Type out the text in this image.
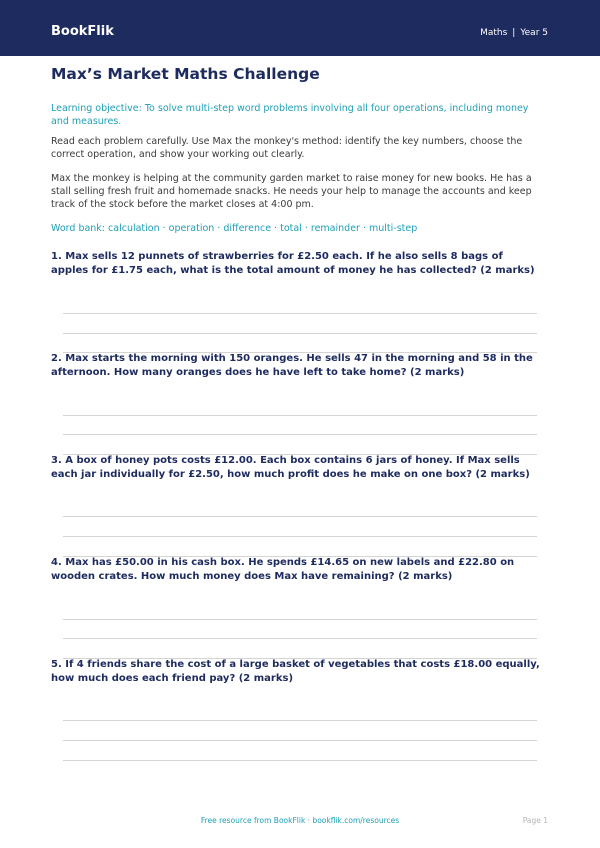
BookFlik	Maths | Year 5
Max’s Market Maths Challenge

Learning objective: To solve multi-step word problems involving all four operations, including money and measures.

Read each problem carefully. Use Max the monkey's method: identify the key numbers, choose the correct operation, and show your working out clearly.

Max the monkey is helping at the community garden market to raise money for new books. He has a stall selling fresh fruit and homemade snacks. He needs your help to manage the accounts and keep track of the stock before the market closes at 4:00 pm.

Word bank: calculation · operation · difference · total · remainder · multi-step

1. Max sells 12 punnets of strawberries for £2.50 each. If he also sells 8 bags of apples for £1.75 each, what is the total amount of money he has collected? (2 marks)

2. Max starts the morning with 150 oranges. He sells 47 in the morning and 58 in the afternoon. How many oranges does he have left to take home? (2 marks)

3. A box of honey pots costs £12.00. Each box contains 6 jars of honey. If Max sells each jar individually for £2.50, how much profit does he make on one box? (2 marks)

4. Max has £50.00 in his cash box. He spends £14.65 on new labels and £22.80 on wooden crates. How much money does Max have remaining? (2 marks)

5. If 4 friends share the cost of a large basket of vegetables that costs £18.00 equally, how much does each friend pay? (2 marks)

Free resource from BookFlik · bookflik.com/resources	Page 1
